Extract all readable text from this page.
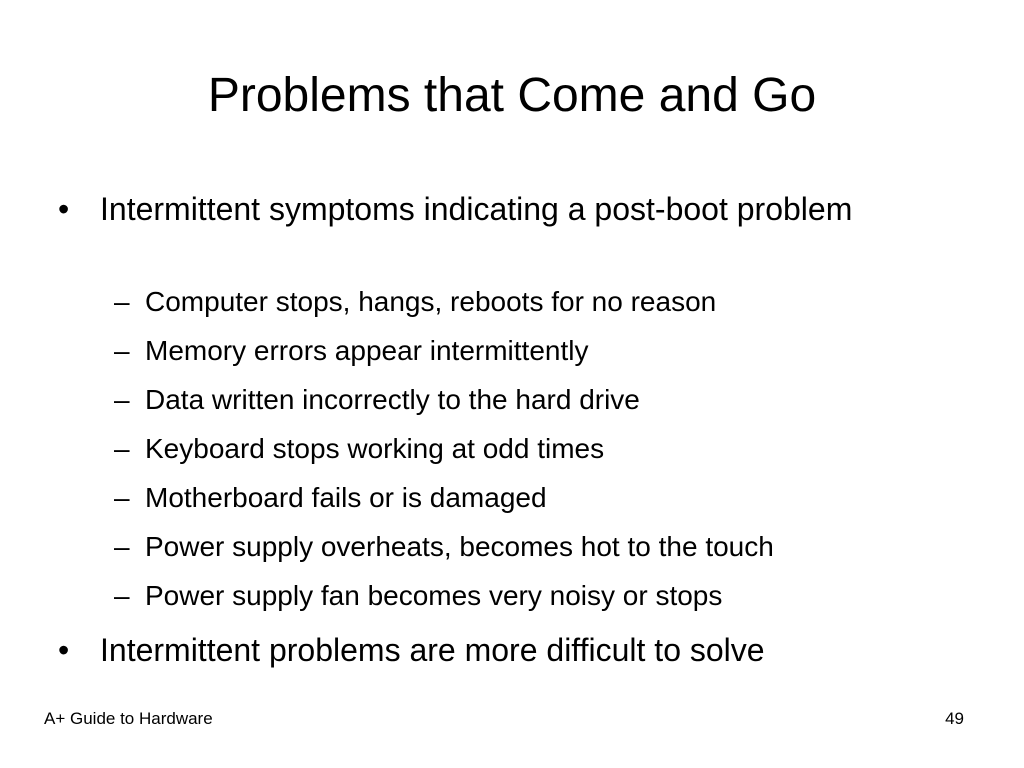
Problems that Come and Go
• Intermittent symptoms indicating a post-boot problem
– Computer stops, hangs, reboots for no reason
– Memory errors appear intermittently
– Data written incorrectly to the hard drive
– Keyboard stops working at odd times
– Motherboard fails or is damaged
– Power supply overheats, becomes hot to the touch
– Power supply fan becomes very noisy or stops
• Intermittent problems are more difficult to solve
A+ Guide to Hardware	49
